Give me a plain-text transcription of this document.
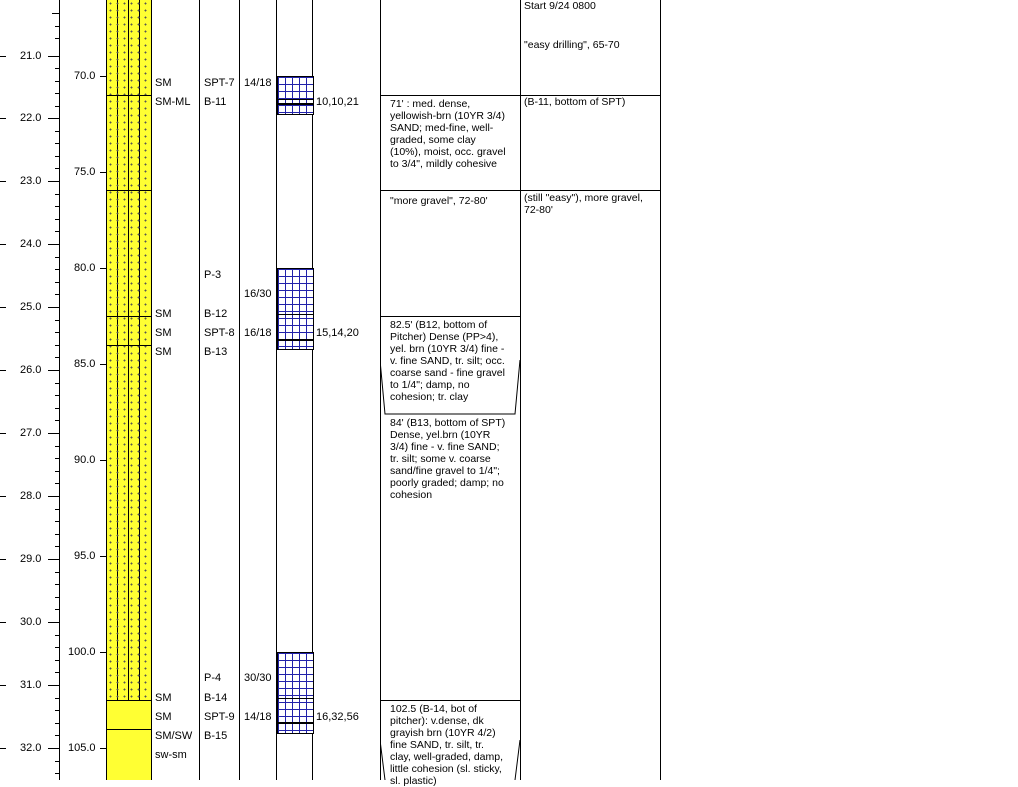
21.0
22.0
23.0
24.0
25.0
26.0
27.0
28.0
29.0
30.0
31.0
32.0
70.0
75.0
80.0
85.0
90.0
95.0
100.0
105.0
SM
SM-ML
SM
SM
SM
SM
SM
SM/SW
sw-sm
SPT-7
B-11
P-3
B-12
SPT-8
B-13
P-4
B-14
SPT-9
B-15
14/18
16/30
16/18
30/30
14/18
10,10,21
15,14,20
16,32,56
71' : med. dense,
yellowish-brn (10YR 3/4)
SAND; med-fine, well-
graded, some clay
(10%), moist, occ. gravel
to 3/4", mildly cohesive
"more gravel", 72-80'
82.5' (B12, bottom of
Pitcher) Dense (PP>4),
yel. brn (10YR 3/4) fine -
v. fine SAND, tr. silt; occ.
coarse sand - fine gravel
to 1/4"; damp, no
cohesion; tr. clay
84' (B13, bottom of SPT)
Dense, yel.brn (10YR
3/4) fine - v. fine SAND;
tr. silt; some v. coarse
sand/fine gravel to 1/4";
poorly graded; damp; no
cohesion
102.5 (B-14, bot of
pitcher): v.dense, dk
grayish brn (10YR 4/2)
fine SAND, tr. silt, tr.
clay, well-graded, damp,
little cohesion (sl. sticky,
sl. plastic)
Start 9/24 0800
"easy drilling", 65-70
(B-11, bottom of SPT)
(still "easy"), more gravel,
72-80'
